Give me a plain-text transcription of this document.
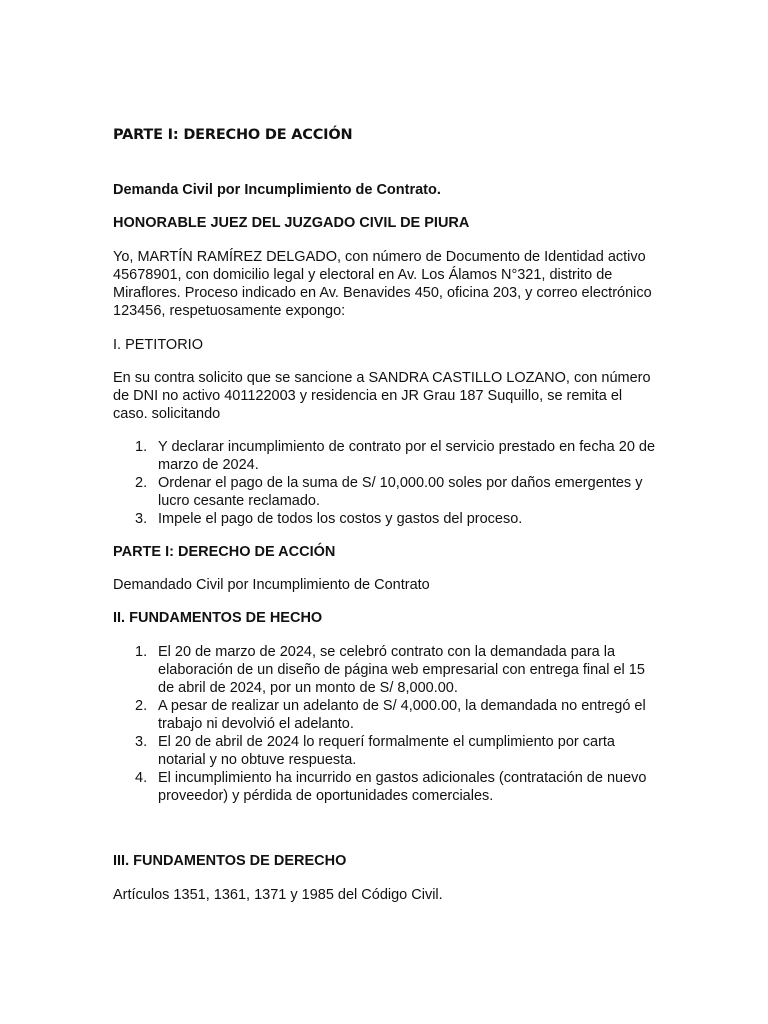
PARTE I: DERECHO DE ACCIÓN

Demanda Civil por Incumplimiento de Contrato.

HONORABLE JUEZ DEL JUZGADO CIVIL DE PIURA

Yo, MARTÍN RAMÍREZ DELGADO, con número de Documento de Identidad activo 45678901, con domicilio legal y electoral en Av. Los Álamos N°321, distrito de Miraflores. Proceso indicado en Av. Benavides 450, oficina 203, y correo electrónico 123456, respetuosamente expongo:

I. PETITORIO

En su contra solicito que se sancione a SANDRA CASTILLO LOZANO, con número de DNI no activo 401122003 y residencia en JR Grau 187 Suquillo, se remita el caso. solicitando

1. Y declarar incumplimiento de contrato por el servicio prestado en fecha 20 de marzo de 2024.
2. Ordenar el pago de la suma de S/ 10,000.00 soles por daños emergentes y lucro cesante reclamado.
3. Impele el pago de todos los costos y gastos del proceso.

PARTE I: DERECHO DE ACCIÓN

Demandado Civil por Incumplimiento de Contrato

II. FUNDAMENTOS DE HECHO

1. El 20 de marzo de 2024, se celebró contrato con la demandada para la elaboración de un diseño de página web empresarial con entrega final el 15 de abril de 2024, por un monto de S/ 8,000.00.
2. A pesar de realizar un adelanto de S/ 4,000.00, la demandada no entregó el trabajo ni devolvió el adelanto.
3. El 20 de abril de 2024 lo requerí formalmente el cumplimiento por carta notarial y no obtuve respuesta.
4. El incumplimiento ha incurrido en gastos adicionales (contratación de nuevo proveedor) y pérdida de oportunidades comerciales.

III. FUNDAMENTOS DE DERECHO

Artículos 1351, 1361, 1371 y 1985 del Código Civil.
